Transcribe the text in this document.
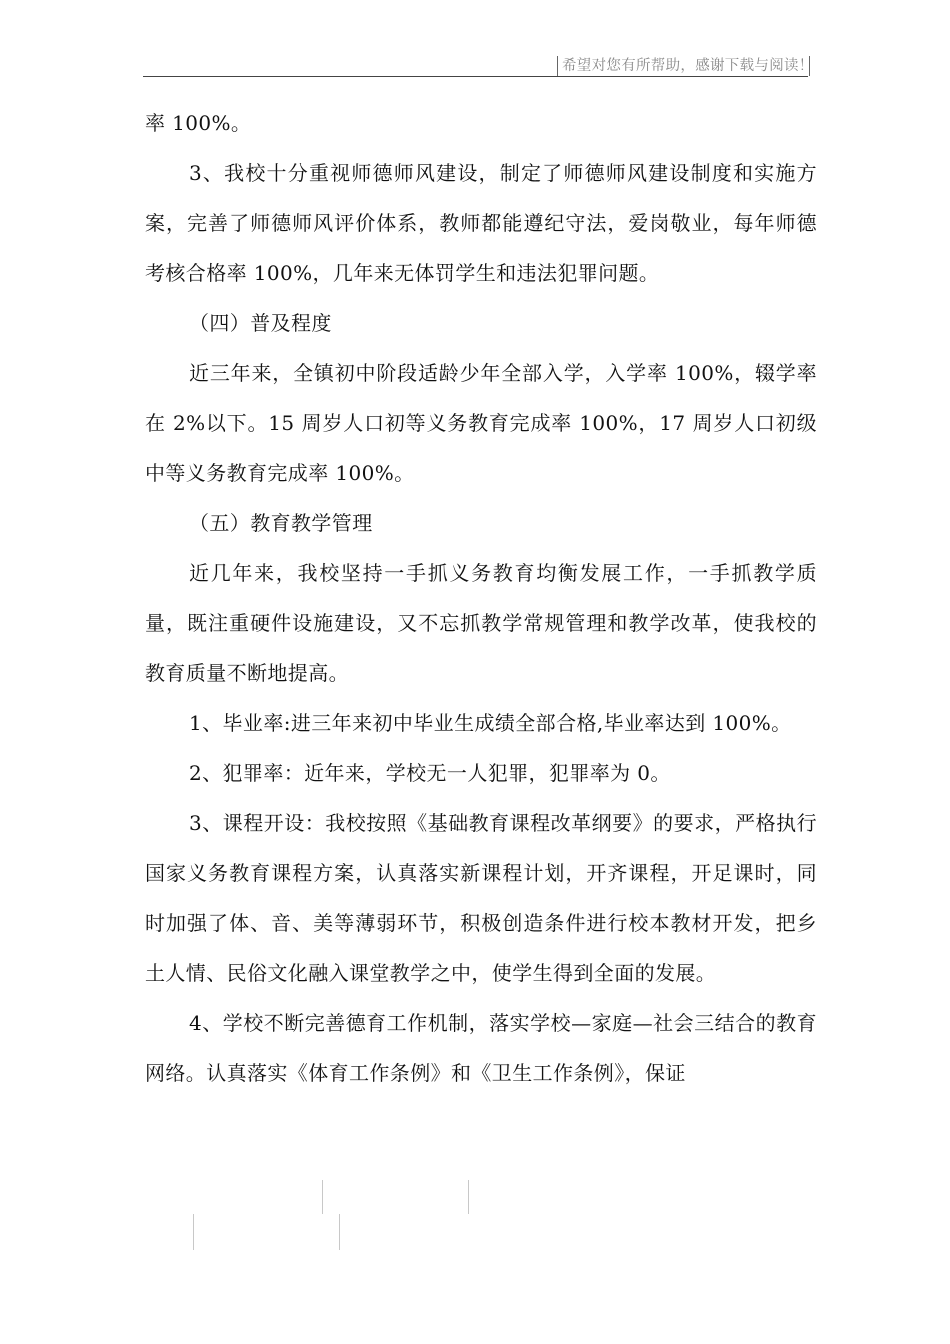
希望对您有所帮助，感谢下载与阅读！

率 100%。

3、我校十分重视师德师风建设，制定了师德师风建设制度和实施方案，完善了师德师风评价体系，教师都能遵纪守法，爱岗敬业，每年师德考核合格率 100%，几年来无体罚学生和违法犯罪问题。

（四）普及程度

近三年来，全镇初中阶段适龄少年全部入学，入学率 100%，辍学率在 2%以下。15 周岁人口初等义务教育完成率 100%，17 周岁人口初级中等义务教育完成率 100%。

（五）教育教学管理

近几年来，我校坚持一手抓义务教育均衡发展工作，一手抓教学质量，既注重硬件设施建设，又不忘抓教学常规管理和教学改革，使我校的教育质量不断地提高。

1、毕业率:进三年来初中毕业生成绩全部合格,毕业率达到 100%。

2、犯罪率：近年来，学校无一人犯罪，犯罪率为 0。

3、课程开设：我校按照《基础教育课程改革纲要》的要求，严格执行国家义务教育课程方案，认真落实新课程计划，开齐课程，开足课时，同时加强了体、音、美等薄弱环节，积极创造条件进行校本教材开发，把乡土人情、民俗文化融入课堂教学之中，使学生得到全面的发展。

4、学校不断完善德育工作机制，落实学校—家庭—社会三结合的教育网络。认真落实《体育工作条例》和《卫生工作条例》，保证
